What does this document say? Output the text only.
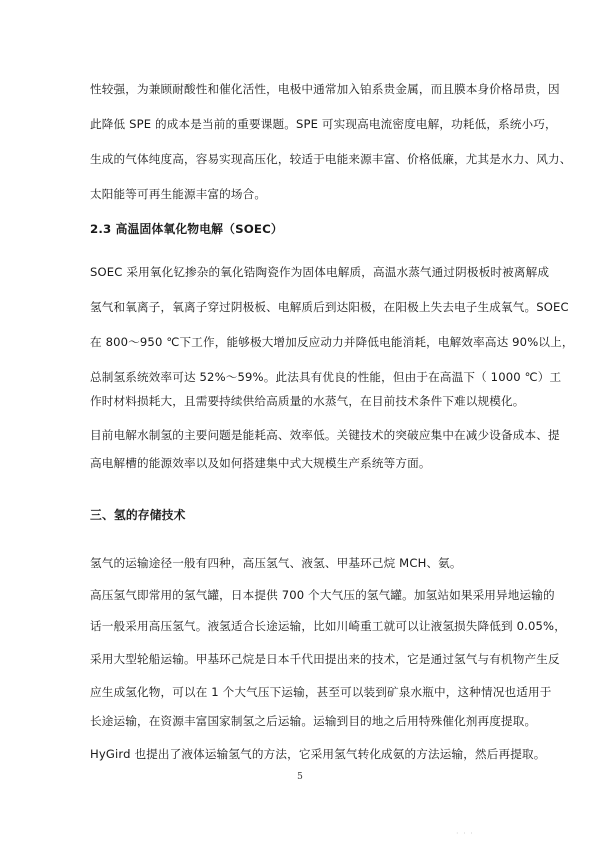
性较强，为兼顾耐酸性和催化活性，电极中通常加入铂系贵金属，而且膜本身价格昂贵，因
此降低 SPE 的成本是当前的重要课题。SPE 可实现高电流密度电解，功耗低，系统小巧，
生成的气体纯度高，容易实现高压化，较适于电能来源丰富、价格低廉，尤其是水力、风力、
太阳能等可再生能源丰富的场合。
2.3 高温固体氧化物电解（SOEC）
SOEC 采用氧化钇掺杂的氧化锆陶瓷作为固体电解质，高温水蒸气通过阴极板时被离解成
氢气和氧离子，氧离子穿过阴极板、电解质后到达阳极，在阳极上失去电子生成氧气。SOEC
在 800～950 ℃下工作，能够极大增加反应动力并降低电能消耗，电解效率高达 90%以上，
总制氢系统效率可达 52%～59%。此法具有优良的性能，但由于在高温下（ 1000 ℃）工
作时材料损耗大，且需要持续供给高质量的水蒸气，在目前技术条件下难以规模化。
目前电解水制氢的主要问题是能耗高、效率低。关键技术的突破应集中在减少设备成本、提
高电解槽的能源效率以及如何搭建集中式大规模生产系统等方面。
三、氢的存储技术
氢气的运输途径一般有四种，高压氢气、液氢、甲基环己烷 MCH、氨。
高压氢气即常用的氢气罐，日本提供 700 个大气压的氢气罐。加氢站如果采用异地运输的
话一般采用高压氢气。液氢适合长途运输，比如川崎重工就可以让液氢损失降低到 0.05%，
采用大型轮船运输。甲基环己烷是日本千代田提出来的技术，它是通过氢气与有机物产生反
应生成氢化物，可以在 1 个大气压下运输，甚至可以装到矿泉水瓶中，这种情况也适用于
长途运输，在资源丰富国家制氢之后运输。运输到目的地之后用特殊催化剂再度提取。
HyGird 也提出了液体运输氢气的方法，它采用氢气转化成氨的方法运输，然后再提取。
5
· · ·
